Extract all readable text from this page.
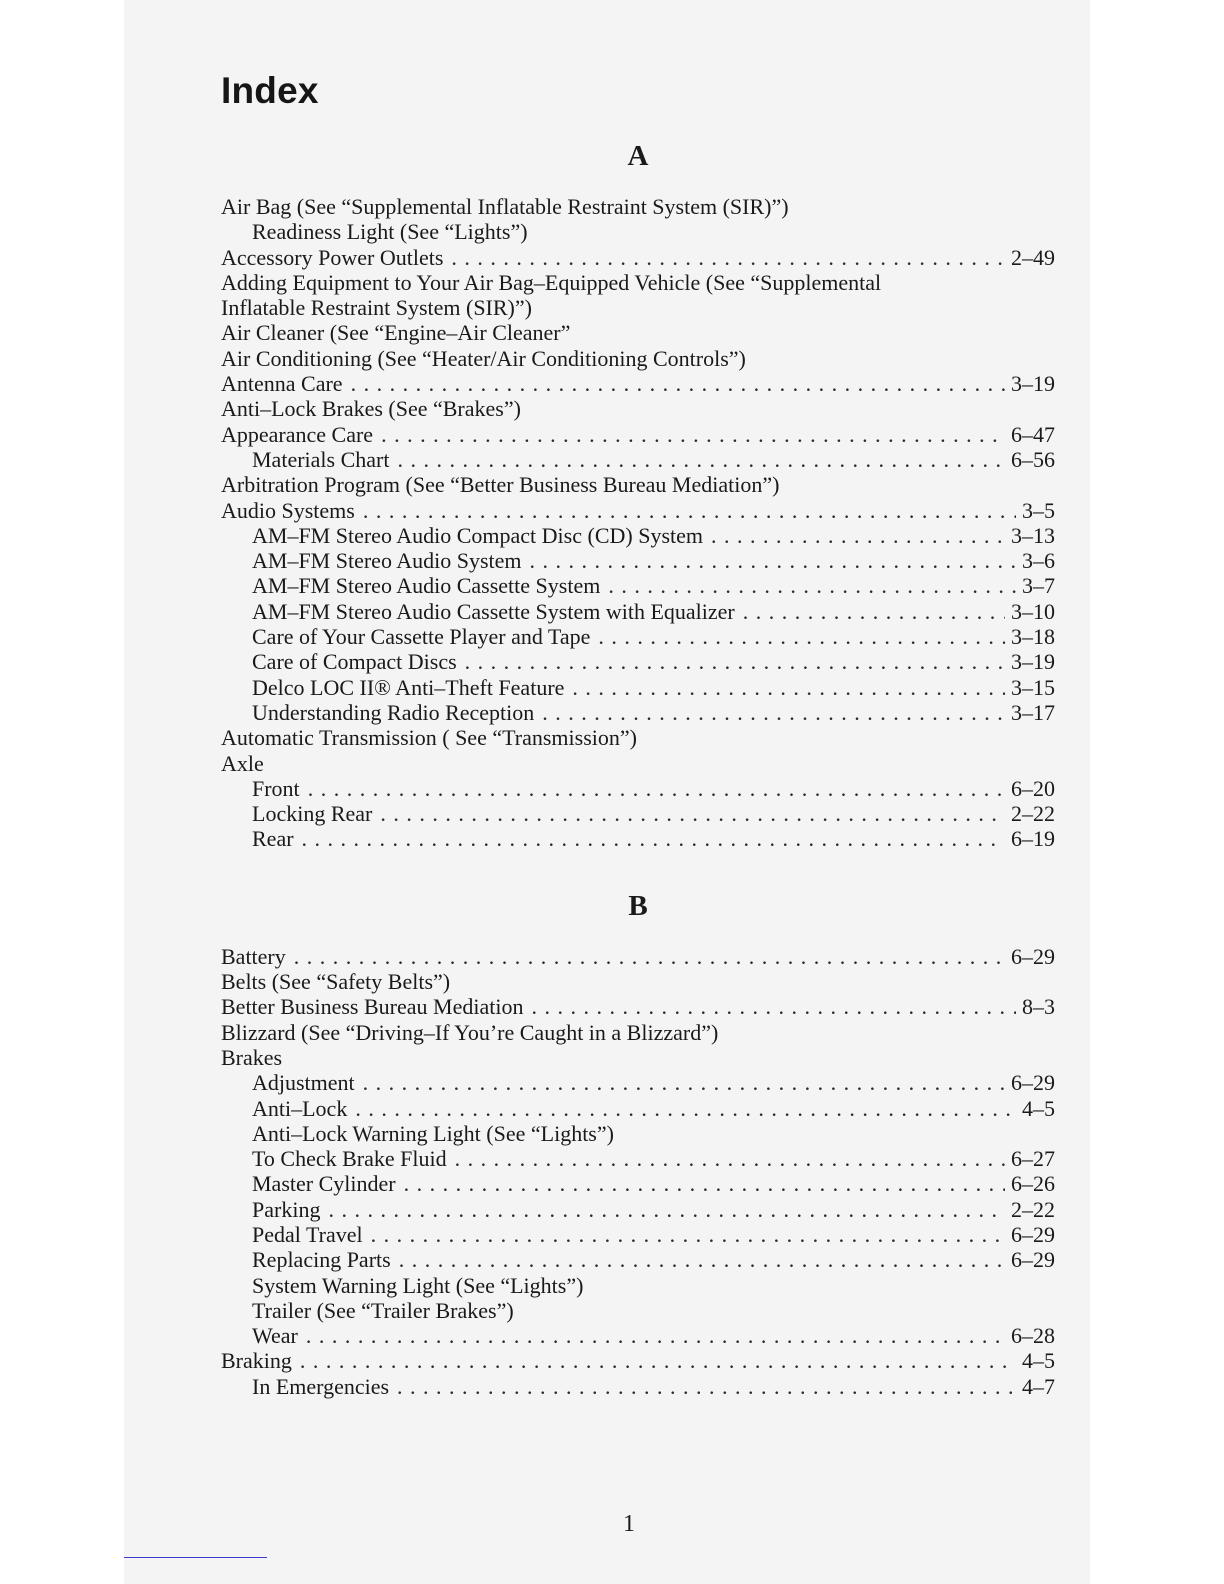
Index
A
Air Bag (See “Supplemental Inflatable Restraint System (SIR)”)
Readiness Light (See “Lights”)
Accessory Power Outlets . . .	2–49
Adding Equipment to Your Air Bag–Equipped Vehicle (See “Supplemental
Inflatable Restraint System (SIR)”)
Air Cleaner (See “Engine–Air Cleaner”
Air Conditioning (See “Heater/Air Conditioning Controls”)
Antenna Care . . .	3–19
Anti–Lock Brakes (See “Brakes”)
Appearance Care . . .	6–47
Materials Chart . . .	6–56
Arbitration Program (See “Better Business Bureau Mediation”)
Audio Systems . . .	3–5
AM–FM Stereo Audio Compact Disc (CD) System . . .	3–13
AM–FM Stereo Audio System . . .	3–6
AM–FM Stereo Audio Cassette System . . .	3–7
AM–FM Stereo Audio Cassette System with Equalizer . . .	3–10
Care of Your Cassette Player and Tape . . .	3–18
Care of Compact Discs . . .	3–19
Delco LOC II® Anti–Theft Feature . . .	3–15
Understanding Radio Reception . . .	3–17
Automatic Transmission ( See “Transmission”)
Axle
Front . . .	6–20
Locking Rear . . .	2–22
Rear . . .	6–19
B
Battery . . .	6–29
Belts (See “Safety Belts”)
Better Business Bureau Mediation . . .	8–3
Blizzard (See “Driving–If You’re Caught in a Blizzard”)
Brakes
Adjustment . . .	6–29
Anti–Lock . . .	4–5
Anti–Lock Warning Light (See “Lights”)
To Check Brake Fluid . . .	6–27
Master Cylinder . . .	6–26
Parking . . .	2–22
Pedal Travel . . .	6–29
Replacing Parts . . .	6–29
System Warning Light (See “Lights”)
Trailer (See “Trailer Brakes”)
Wear . . .	6–28
Braking . . .	4–5
In Emergencies . . .	4–7
1
